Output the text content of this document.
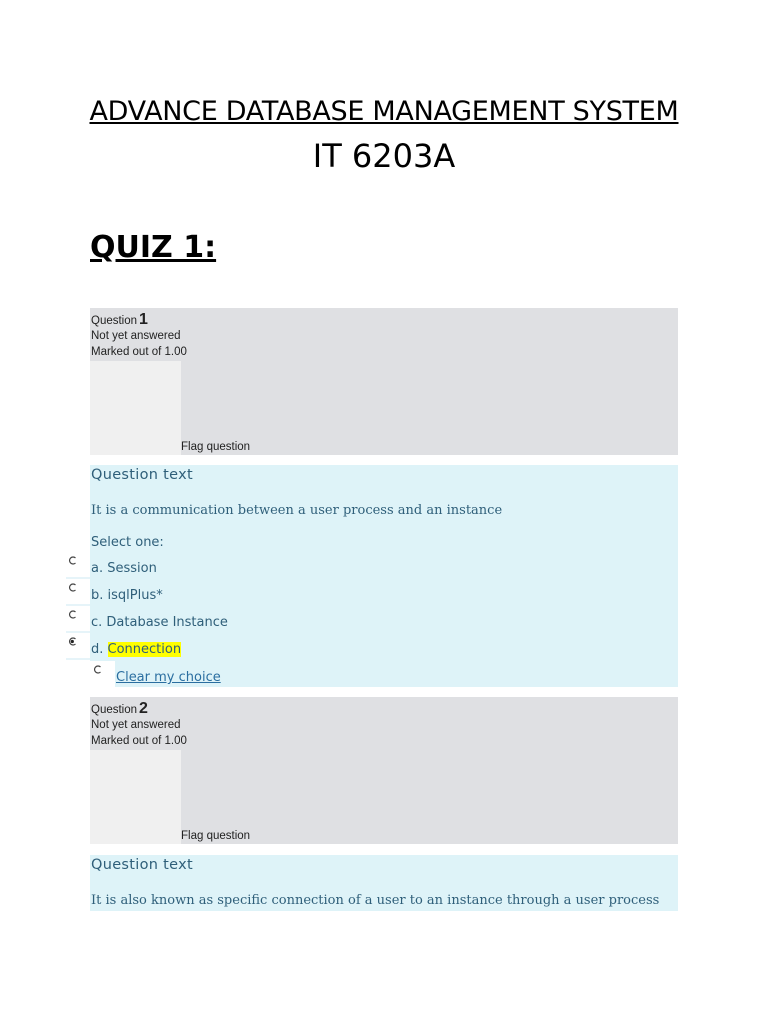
ADVANCE DATABASE MANAGEMENT SYSTEM
IT 6203A
QUIZ 1:
Question 1
Not yet answered
Marked out of 1.00
Flag question
Question text
It is a communication between a user process and an instance
Select one:
a. Session
b. isqlPlus*
c. Database Instance
d. Connection
Clear my choice
Question 2
Not yet answered
Marked out of 1.00
Flag question
Question text
It is also known as specific connection of a user to an instance through a user process
